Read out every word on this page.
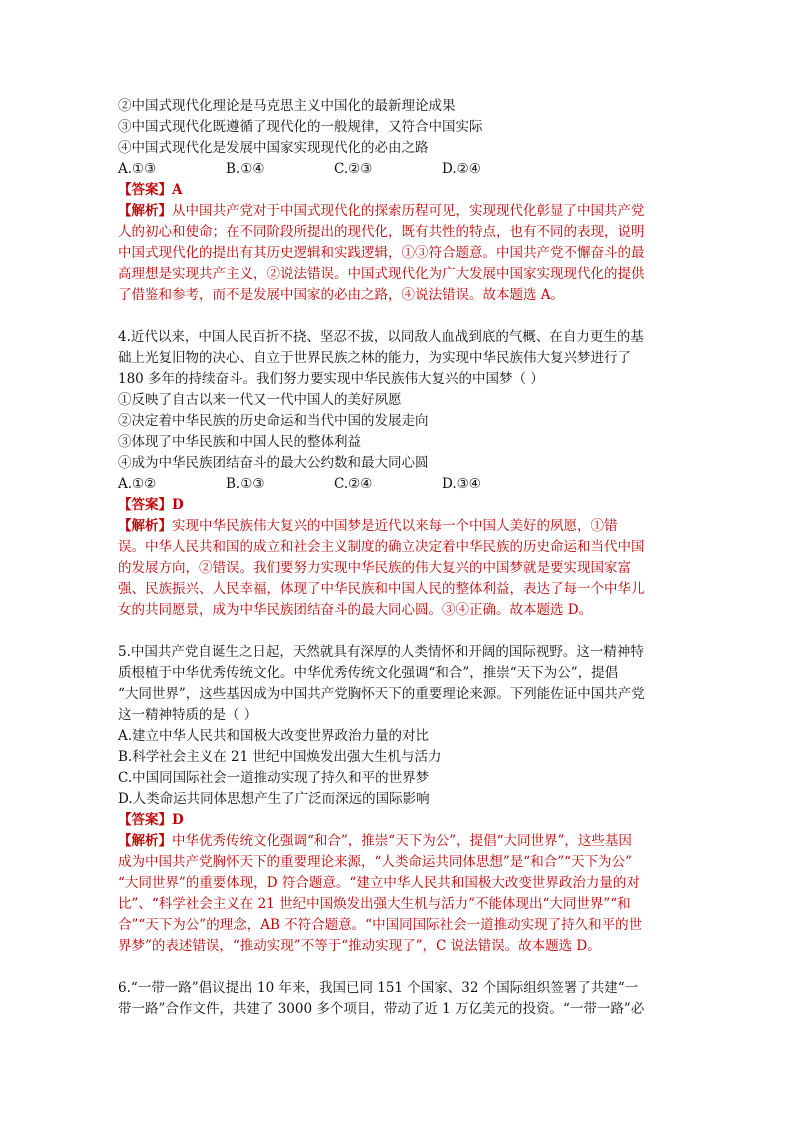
②中国式现代化理论是马克思主义中国化的最新理论成果
③中国式现代化既遵循了现代化的一般规律，又符合中国实际
④中国式现代化是发展中国家实现现代化的必由之路
A.①③	B.①④	C.②③	D.②④
【答案】A
【解析】从中国共产党对于中国式现代化的探索历程可见，实现现代化彰显了中国共产党
人的初心和使命；在不同阶段所提出的现代化，既有共性的特点，也有不同的表现，说明
中国式现代化的提出有其历史逻辑和实践逻辑，①③符合题意。中国共产党不懈奋斗的最
高理想是实现共产主义，②说法错误。中国式现代化为广大发展中国家实现现代化的提供
了借鉴和参考，而不是发展中国家的必由之路，④说法错误。故本题选 A。
4.近代以来，中国人民百折不挠、坚忍不拔，以同敌人血战到底的气概、在自力更生的基
础上光复旧物的决心、自立于世界民族之林的能力，为实现中华民族伟大复兴梦进行了
180 多年的持续奋斗。我们努力要实现中华民族伟大复兴的中国梦（ ）
①反映了自古以来一代又一代中国人的美好夙愿
②决定着中华民族的历史命运和当代中国的发展走向
③体现了中华民族和中国人民的整体利益
④成为中华民族团结奋斗的最大公约数和最大同心圆
A.①②	B.①③	C.②④	D.③④
【答案】D
【解析】实现中华民族伟大复兴的中国梦是近代以来每一个中国人美好的夙愿，①错
误。中华人民共和国的成立和社会主义制度的确立决定着中华民族的历史命运和当代中国
的发展方向，②错误。我们要努力实现中华民族的伟大复兴的中国梦就是要实现国家富
强、民族振兴、人民幸福，体现了中华民族和中国人民的整体利益，表达了每一个中华儿
女的共同愿景，成为中华民族团结奋斗的最大同心圆。③④正确。故本题选 D。
5.中国共产党自诞生之日起，天然就具有深厚的人类情怀和开阔的国际视野。这一精神特
质根植于中华优秀传统文化。中华优秀传统文化强调“和合”，推崇“天下为公”，提倡
“大同世界”，这些基因成为中国共产党胸怀天下的重要理论来源。下列能佐证中国共产党
这一精神特质的是（ ）
A.建立中华人民共和国极大改变世界政治力量的对比
B.科学社会主义在 21 世纪中国焕发出强大生机与活力
C.中国同国际社会一道推动实现了持久和平的世界梦
D.人类命运共同体思想产生了广泛而深远的国际影响
【答案】D
【解析】中华优秀传统文化强调“和合”，推崇“天下为公”，提倡“大同世界”，这些基因
成为中国共产党胸怀天下的重要理论来源，“人类命运共同体思想”是“和合”“天下为公”
“大同世界”的重要体现，D 符合题意。“建立中华人民共和国极大改变世界政治力量的对
比”、“科学社会主义在 21 世纪中国焕发出强大生机与活力”不能体现出“大同世界”“和
合”“天下为公”的理念，AB 不符合题意。“中国同国际社会一道推动实现了持久和平的世
界梦”的表述错误，“推动实现”不等于“推动实现了”，C 说法错误。故本题选 D。
6.“一带一路”倡议提出 10 年来，我国已同 151 个国家、32 个国际组织签署了共建“一
带一路”合作文件，共建了 3000 多个项目，带动了近 1 万亿美元的投资。“一带一路”必
